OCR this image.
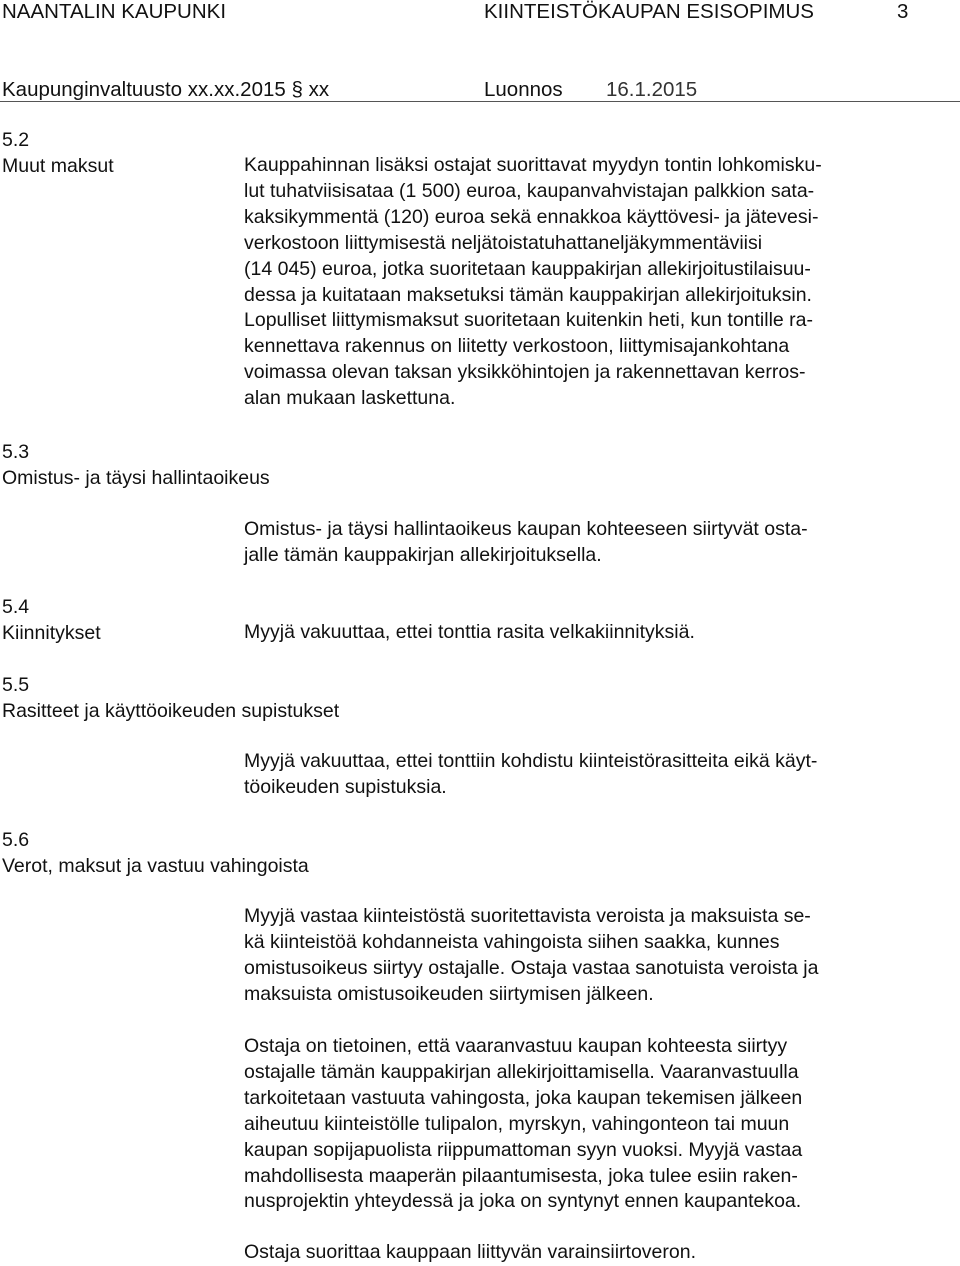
NAANTALIN KAUPUNKI	KIINTEISTÖKAUPAN ESISOPIMUS	3
Kaupunginvaltuusto xx.xx.2015 § xx	Luonnos 16.1.2015
5.2
Muut maksut	Kauppahinnan lisäksi ostajat suorittavat myydyn tontin lohkomisku-
lut tuhatviisisataa (1 500) euroa, kaupanvahvistajan palkkion sata-
kaksikymmentä (120) euroa sekä ennakkoa käyttövesi- ja jätevesi-
verkostoon liittymisestä neljätoistatuhattaneljäkymmentäviisi
(14 045) euroa, jotka suoritetaan kauppakirjan allekirjoitustilaisuu-
dessa ja kuitataan maksetuksi tämän kauppakirjan allekirjoituksin.
Lopulliset liittymismaksut suoritetaan kuitenkin heti, kun tontille ra-
kennettava rakennus on liitetty verkostoon, liittymisajankohtana
voimassa olevan taksan yksikköhintojen ja rakennettavan kerros-
alan mukaan laskettuna.
5.3
Omistus- ja täysi hallintaoikeus
Omistus- ja täysi hallintaoikeus kaupan kohteeseen siirtyvät osta-
jalle tämän kauppakirjan allekirjoituksella.
5.4
Kiinnitykset	Myyjä vakuuttaa, ettei tonttia rasita velkakiinnityksiä.
5.5
Rasitteet ja käyttöoikeuden supistukset
Myyjä vakuuttaa, ettei tonttiin kohdistu kiinteistörasitteita eikä käyt-
töoikeuden supistuksia.
5.6
Verot, maksut ja vastuu vahingoista
Myyjä vastaa kiinteistöstä suoritettavista veroista ja maksuista se-
kä kiinteistöä kohdanneista vahingoista siihen saakka, kunnes
omistusoikeus siirtyy ostajalle. Ostaja vastaa sanotuista veroista ja
maksuista omistusoikeuden siirtymisen jälkeen.
Ostaja on tietoinen, että vaaranvastuu kaupan kohteesta siirtyy
ostajalle tämän kauppakirjan allekirjoittamisella. Vaaranvastuulla
tarkoitetaan vastuuta vahingosta, joka kaupan tekemisen jälkeen
aiheutuu kiinteistölle tulipalon, myrskyn, vahingonteon tai muun
kaupan sopijapuolista riippumattoman syyn vuoksi. Myyjä vastaa
mahdollisesta maaperän pilaantumisesta, joka tulee esiin raken-
nusprojektin yhteydessä ja joka on syntynyt ennen kaupantekoa.
Ostaja suorittaa kauppaan liittyvän varainsiirtoveron.
